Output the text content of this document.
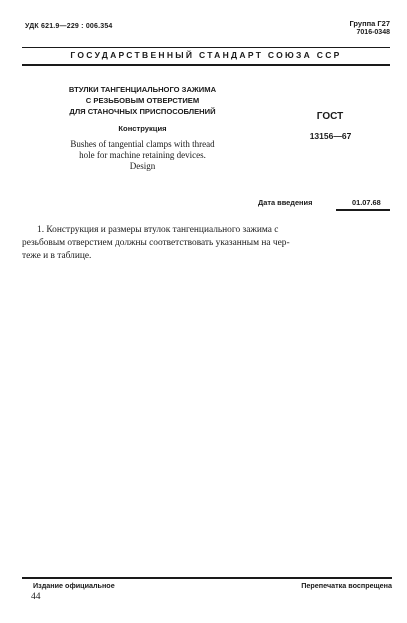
УДК 621.9—229 : 006.354	Группа Г27
7016-0348
ГОСУДАРСТВЕННЫЙ СТАНДАРТ СОЮЗА ССР
ВТУЛКИ ТАНГЕНЦИАЛЬНОГО ЗАЖИМА
С РЕЗЬБОВЫМ ОТВЕРСТИЕМ
ДЛЯ СТАНОЧНЫХ ПРИСПОСОБЛЕНИЙ
Конструкция
Bushes of tangential clamps with thread
hole for machine retaining devices.
Design
ГОСТ
13156—67
Дата введения	01.07.68
1. Конструкция и размеры втулок тангенциального зажима с
резьбовым отверстием должны соответствовать указанным на чер-
теже и в таблице.
Издание официальное	Перепечатка воспрещена
44
